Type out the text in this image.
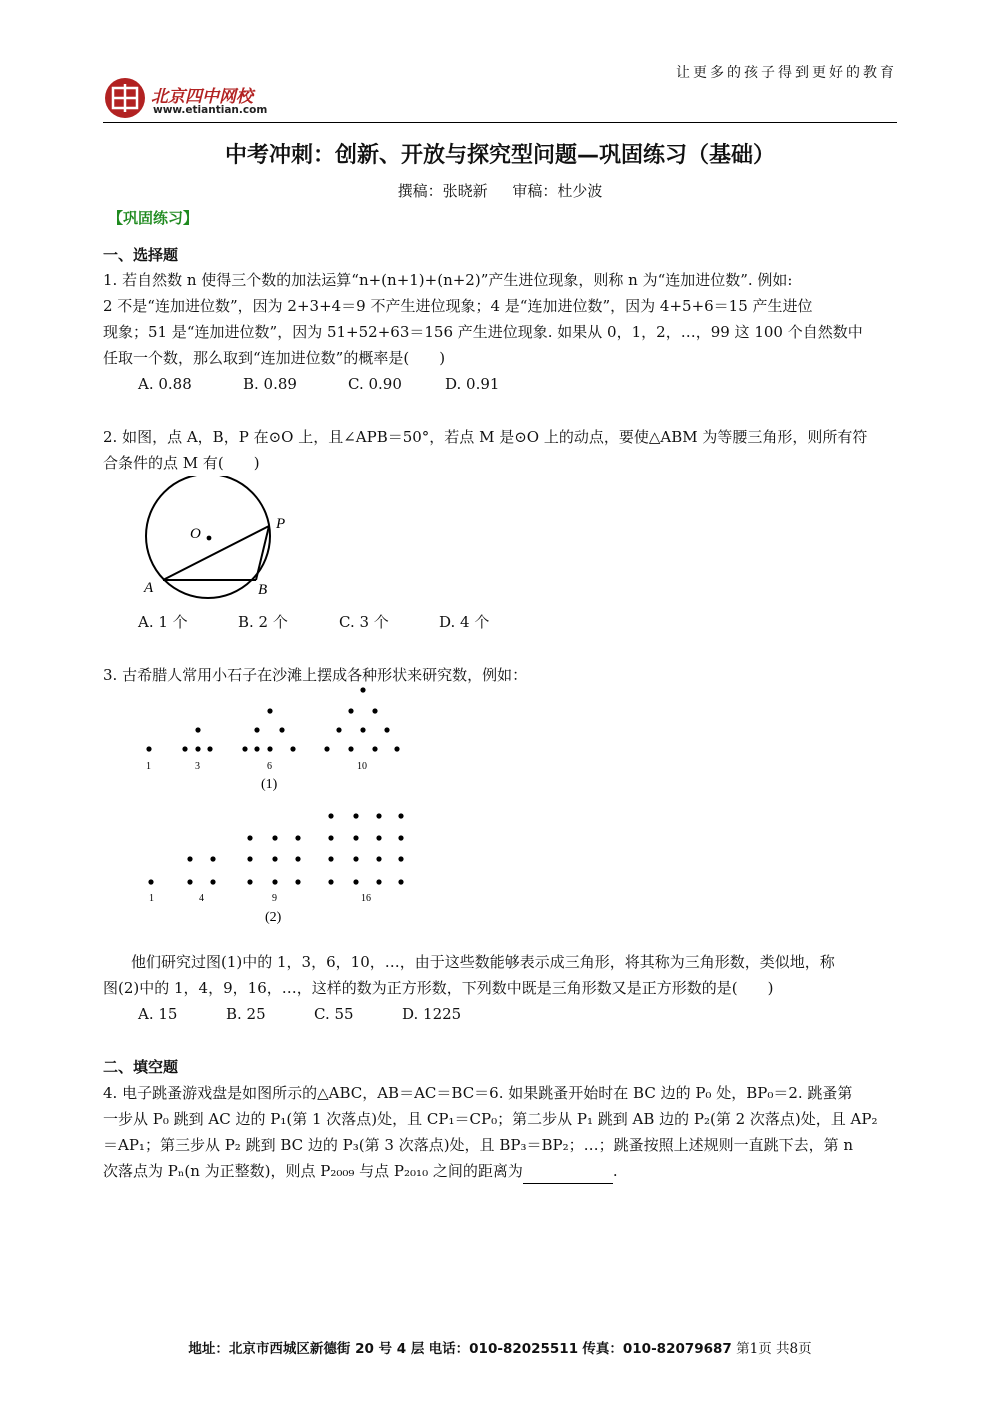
让更多的孩子得到更好的教育
北京四中网校
www.etiantian.com
中考冲刺：创新、开放与探究型问题—巩固练习（基础）
撰稿：张晓新 审稿：杜少波
【巩固练习】
一、选择题
1. 若自然数 n 使得三个数的加法运算“n+(n+1)+(n+2)”产生进位现象，则称 n 为“连加进位数”. 例如:
2 不是“连加进位数”，因为 2+3+4＝9 不产生进位现象；4 是“连加进位数”，因为 4+5+6＝15 产生进位
现象；51 是“连加进位数”，因为 51+52+63＝156 产生进位现象. 如果从 0，1，2，…，99 这 100 个自然数中
任取一个数，那么取到“连加进位数”的概率是(　　)
A. 0.88	B. 0.89	C. 0.90	D. 0.91
2. 如图，点 A，B，P 在⊙O 上，且∠APB＝50°，若点 M 是⊙O 上的动点，要使△ABM 为等腰三角形，则所有符
合条件的点 M 有(　　)
O
P
A	B
A. 1 个	B. 2 个	C. 3 个	D. 4 个
3. 古希腊人常用小石子在沙滩上摆成各种形状来研究数，例如：
1	3	6	10
(1)
1	4	9	16
(2)
他们研究过图(1)中的 1，3，6，10，…，由于这些数能够表示成三角形，将其称为三角形数，类似地，称
图(2)中的 1，4，9，16，…，这样的数为正方形数，下列数中既是三角形数又是正方形数的是(　　)
A. 15	B. 25	C. 55	D. 1225
二、填空题
4. 电子跳蚤游戏盘是如图所示的△ABC，AB＝AC＝BC＝6. 如果跳蚤开始时在 BC 边的 P₀ 处，BP₀＝2. 跳蚤第
一步从 P₀ 跳到 AC 边的 P₁(第 1 次落点)处，且 CP₁＝CP₀；第二步从 P₁ 跳到 AB 边的 P₂(第 2 次落点)处，且 AP₂
＝AP₁；第三步从 P₂ 跳到 BC 边的 P₃(第 3 次落点)处，且 BP₃＝BP₂；…；跳蚤按照上述规则一直跳下去，第 n
次落点为 Pₙ(n 为正整数)，则点 P₂₀₀₉ 与点 P₂₀₁₀ 之间的距离为	.
地址：北京市西城区新德街 20 号 4 层 电话：010-82025511 传真：010-82079687 第1页 共8页
